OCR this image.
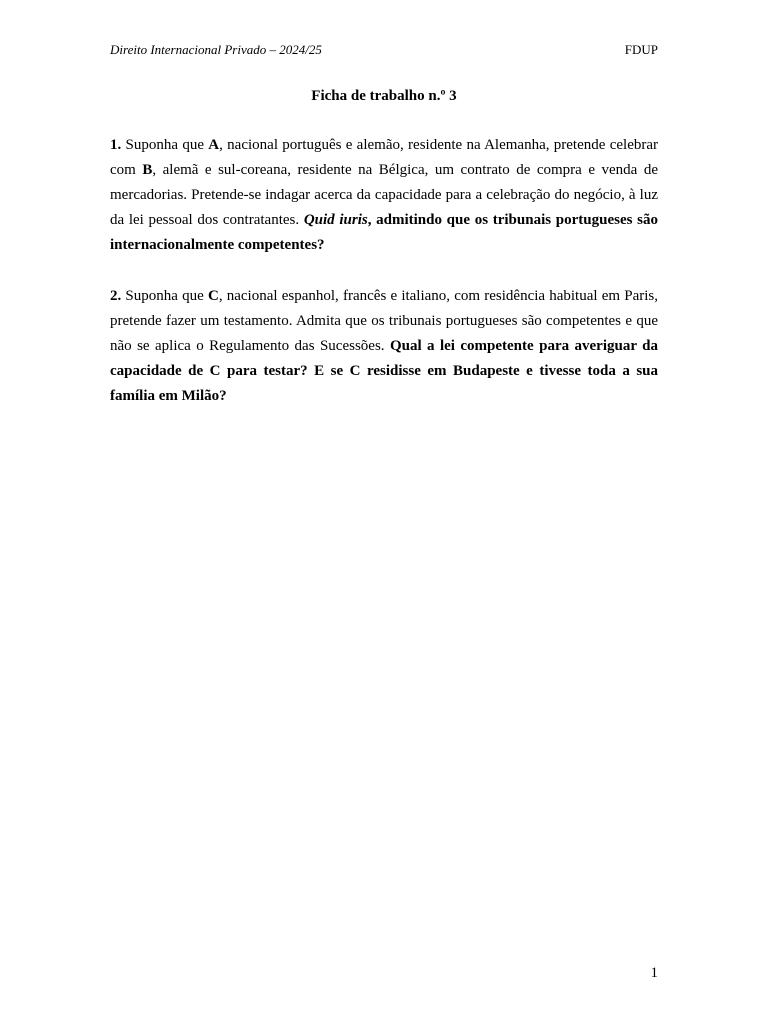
Direito Internacional Privado – 2024/25	FDUP
Ficha de trabalho n.º 3

1. Suponha que A, nacional português e alemão, residente na Alemanha, pretende celebrar com B, alemã e sul-coreana, residente na Bélgica, um contrato de compra e venda de mercadorias. Pretende-se indagar acerca da capacidade para a celebração do negócio, à luz da lei pessoal dos contratantes. Quid iuris, admitindo que os tribunais portugueses são internacionalmente competentes?

2. Suponha que C, nacional espanhol, francês e italiano, com residência habitual em Paris, pretende fazer um testamento. Admita que os tribunais portugueses são competentes e que não se aplica o Regulamento das Sucessões. Qual a lei competente para averiguar da capacidade de C para testar? E se C residisse em Budapeste e tivesse toda a sua família em Milão?

1
